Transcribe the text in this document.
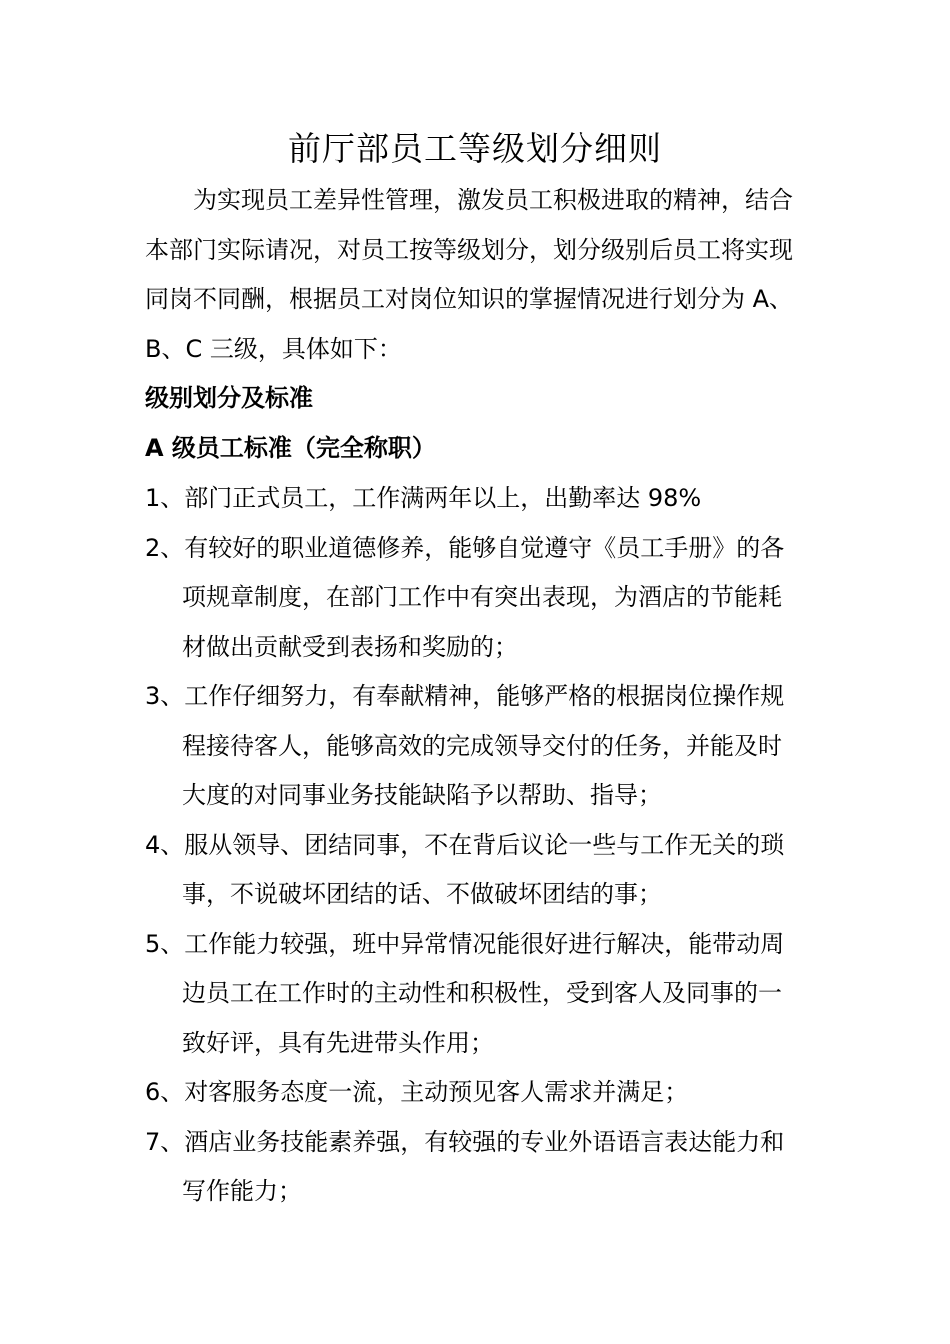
前厅部员工等级划分细则

为实现员工差异性管理，激发员工积极进取的精神，结合本部门实际请况，对员工按等级划分，划分级别后员工将实现同岗不同酬，根据员工对岗位知识的掌握情况进行划分为 A、B、C 三级，具体如下：

级别划分及标准

A 级员工标准（完全称职）

1、部门正式员工，工作满两年以上，出勤率达 98%
2、有较好的职业道德修养，能够自觉遵守《员工手册》的各项规章制度，在部门工作中有突出表现，为酒店的节能耗材做出贡献受到表扬和奖励的；
3、工作仔细努力，有奉献精神，能够严格的根据岗位操作规程接待客人，能够高效的完成领导交付的任务，并能及时大度的对同事业务技能缺陷予以帮助、指导；
4、服从领导、团结同事，不在背后议论一些与工作无关的琐事，不说破坏团结的话、不做破坏团结的事；
5、工作能力较强，班中异常情况能很好进行解决，能带动周边员工在工作时的主动性和积极性，受到客人及同事的一致好评，具有先进带头作用；
6、对客服务态度一流，主动预见客人需求并满足；
7、酒店业务技能素养强，有较强的专业外语语言表达能力和写作能力；
